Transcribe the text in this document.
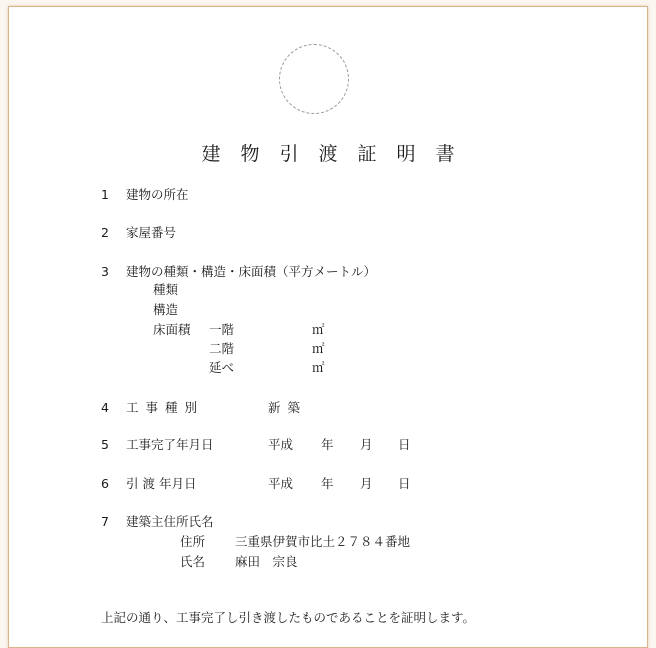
建物引渡証明書
1 建物の所在
2 家屋番号
3 建物の種類・構造・床面積（平方メートル）
種類
構造
床面積 一階	㎡
二階	㎡
延べ	㎡
4 工事種別	新築
5 工事完了年月日	平成 年 月 日
6 引 渡 年月日	平成 年 月 日
7 建築主住所氏名
住所 三重県伊賀市比土２７８４番地
氏名 麻田　宗良
上記の通り、工事完了し引き渡したものであることを証明します。
